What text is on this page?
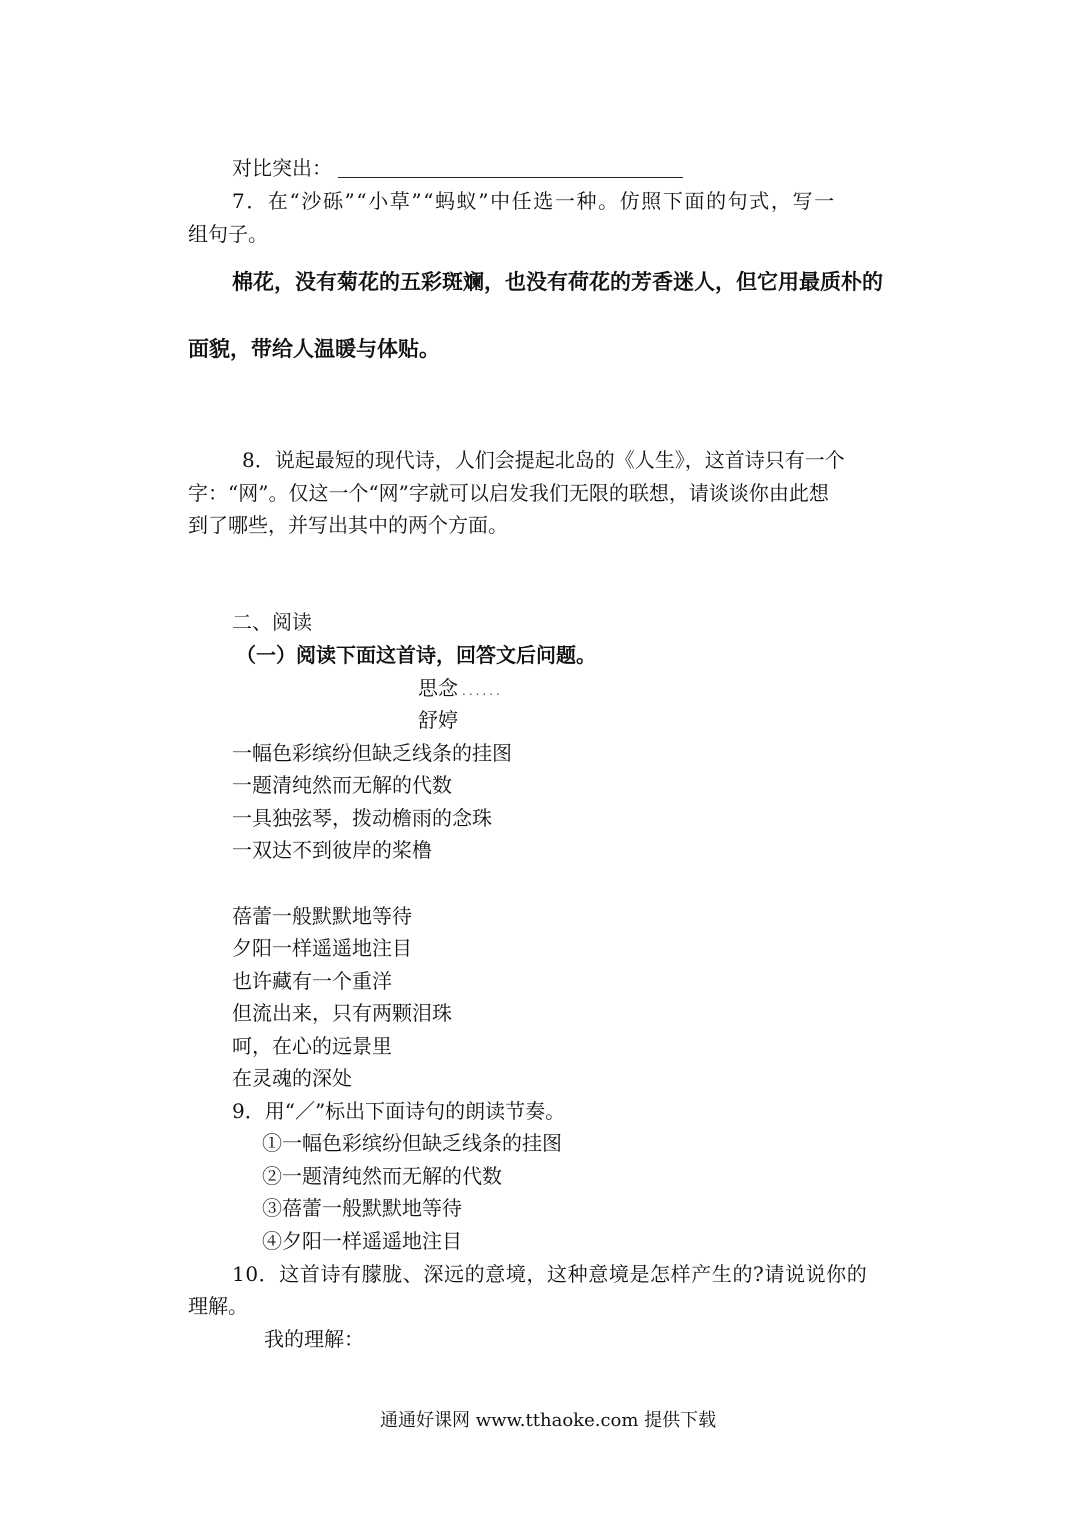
对比突出：
7．在“沙砾”“小草”“蚂蚁”中任选一种。仿照下面的句式，写一
组句子。
棉花，没有菊花的五彩斑斓，也没有荷花的芳香迷人，但它用最质朴的
面貌，带给人温暖与体贴。
8．说起最短的现代诗，人们会提起北岛的《人生》，这首诗只有一个
字：“网”。仅这一个“网”字就可以启发我们无限的联想，请谈谈你由此想
到了哪些，并写出其中的两个方面。
二、阅读
（一）阅读下面这首诗，回答文后问题。
思念 ......
舒婷
一幅色彩缤纷但缺乏线条的挂图
一题清纯然而无解的代数
一具独弦琴，拨动檐雨的念珠
一双达不到彼岸的桨橹
蓓蕾一般默默地等待
夕阳一样遥遥地注目
也许藏有一个重洋
但流出来，只有两颗泪珠
呵，在心的远景里
在灵魂的深处
9．用“／”标出下面诗句的朗读节奏。
①一幅色彩缤纷但缺乏线条的挂图
②一题清纯然而无解的代数
③蓓蕾一般默默地等待
④夕阳一样遥遥地注目
10．这首诗有朦胧、深远的意境，这种意境是怎样产生的?请说说你的
理解。
我的理解：
通通好课网 www.tthaoke.com 提供下载
